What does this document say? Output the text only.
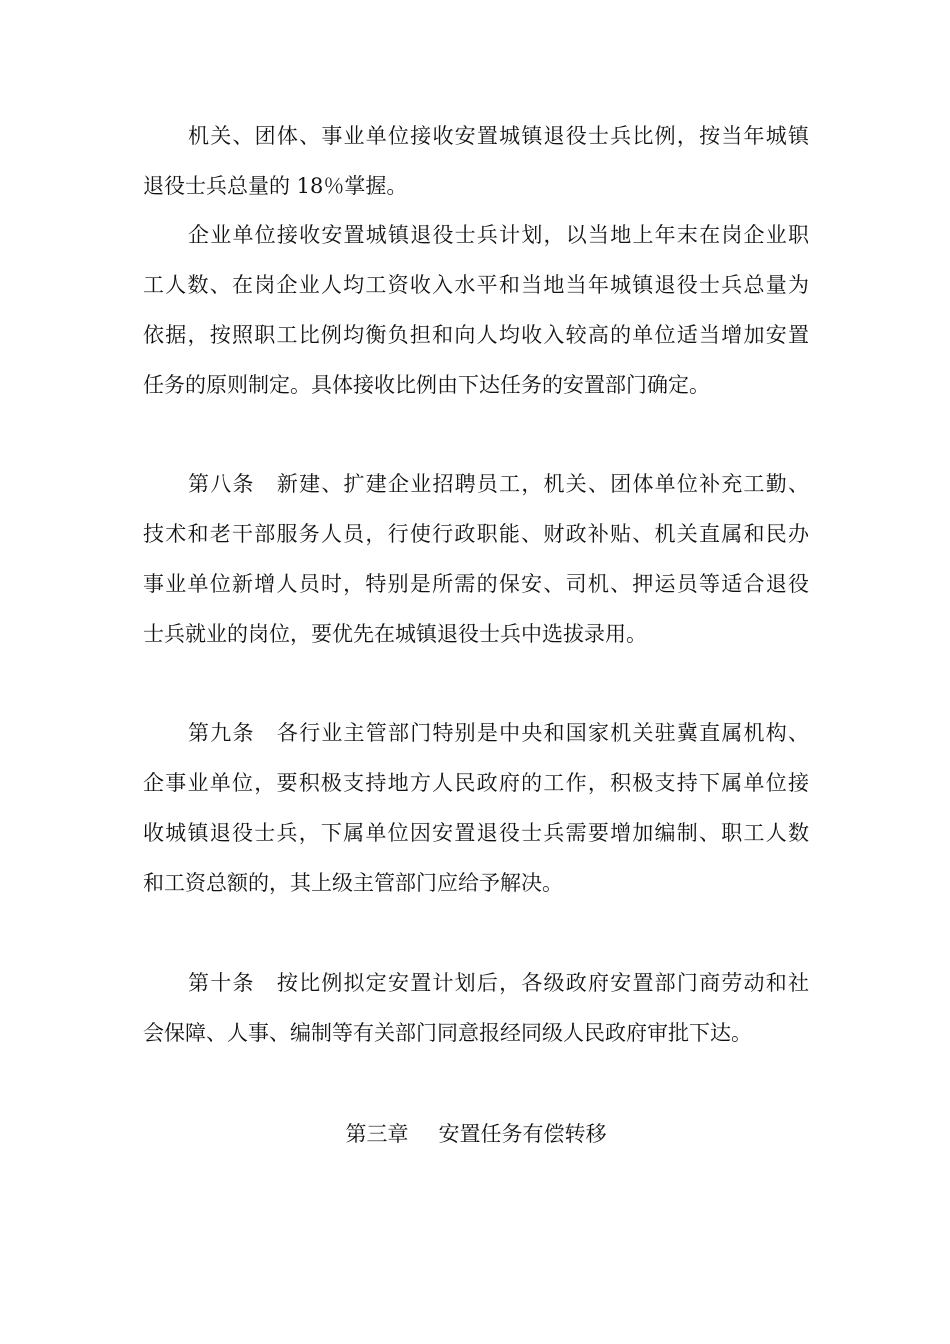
机关、团体、事业单位接收安置城镇退役士兵比例，按当年城镇
退役士兵总量的 18％掌握。
企业单位接收安置城镇退役士兵计划，以当地上年末在岗企业职
工人数、在岗企业人均工资收入水平和当地当年城镇退役士兵总量为
依据，按照职工比例均衡负担和向人均收入较高的单位适当增加安置
任务的原则制定。具体接收比例由下达任务的安置部门确定。
第八条　新建、扩建企业招聘员工，机关、团体单位补充工勤、
技术和老干部服务人员，行使行政职能、财政补贴、机关直属和民办
事业单位新增人员时，特别是所需的保安、司机、押运员等适合退役
士兵就业的岗位，要优先在城镇退役士兵中选拔录用。
第九条　各行业主管部门特别是中央和国家机关驻冀直属机构、
企事业单位，要积极支持地方人民政府的工作，积极支持下属单位接
收城镇退役士兵，下属单位因安置退役士兵需要增加编制、职工人数
和工资总额的，其上级主管部门应给予解决。
第十条　按比例拟定安置计划后，各级政府安置部门商劳动和社
会保障、人事、编制等有关部门同意报经同级人民政府审批下达。
第三章 安置任务有偿转移
